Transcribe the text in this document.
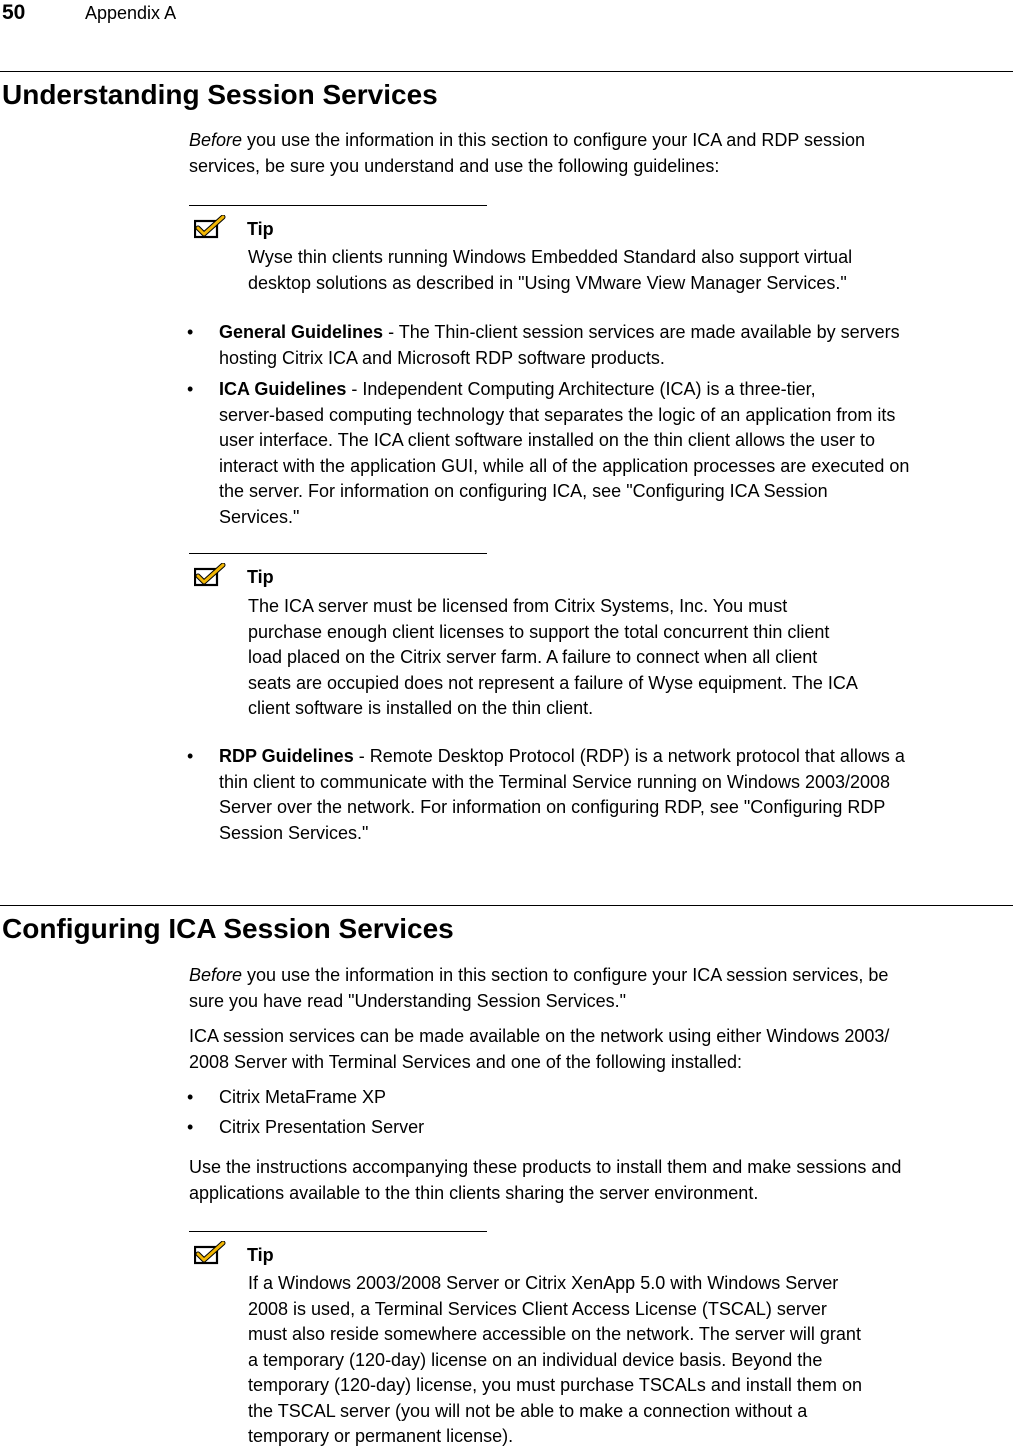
50	Appendix A
Understanding Session Services
Before you use the information in this section to configure your ICA and RDP session
services, be sure you understand and use the following guidelines:
Tip
Wyse thin clients running Windows Embedded Standard also support virtual
desktop solutions as described in "Using VMware View Manager Services."
• General Guidelines - The Thin-client session services are made available by servers
hosting Citrix ICA and Microsoft RDP software products.
• ICA Guidelines - Independent Computing Architecture (ICA) is a three-tier,
server-based computing technology that separates the logic of an application from its
user interface. The ICA client software installed on the thin client allows the user to
interact with the application GUI, while all of the application processes are executed on
the server. For information on configuring ICA, see "Configuring ICA Session
Services."
Tip
The ICA server must be licensed from Citrix Systems, Inc. You must
purchase enough client licenses to support the total concurrent thin client
load placed on the Citrix server farm. A failure to connect when all client
seats are occupied does not represent a failure of Wyse equipment. The ICA
client software is installed on the thin client.
• RDP Guidelines - Remote Desktop Protocol (RDP) is a network protocol that allows a
thin client to communicate with the Terminal Service running on Windows 2003/2008
Server over the network. For information on configuring RDP, see "Configuring RDP
Session Services."
Configuring ICA Session Services
Before you use the information in this section to configure your ICA session services, be
sure you have read "Understanding Session Services."
ICA session services can be made available on the network using either Windows 2003/
2008 Server with Terminal Services and one of the following installed:
• Citrix MetaFrame XP
• Citrix Presentation Server
Use the instructions accompanying these products to install them and make sessions and
applications available to the thin clients sharing the server environment.
Tip
If a Windows 2003/2008 Server or Citrix XenApp 5.0 with Windows Server
2008 is used, a Terminal Services Client Access License (TSCAL) server
must also reside somewhere accessible on the network. The server will grant
a temporary (120-day) license on an individual device basis. Beyond the
temporary (120-day) license, you must purchase TSCALs and install them on
the TSCAL server (you will not be able to make a connection without a
temporary or permanent license).
